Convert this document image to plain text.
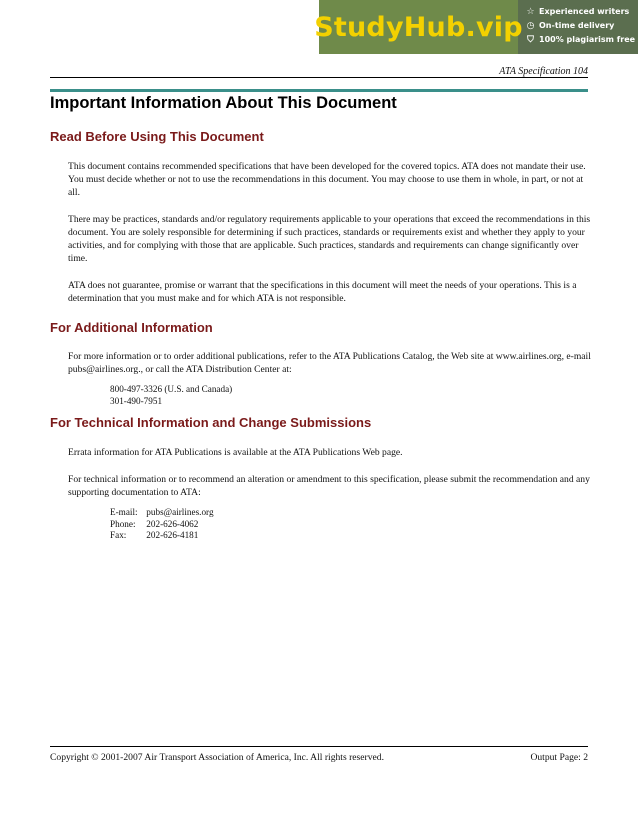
StudyHub.vip ☆ Experienced writers
◷ On-time delivery
⛉ 100% plagiarism free
ATA Specification 104
Important Information About This Document
Read Before Using This Document

This document contains recommended specifications that have been developed for the covered topics. ATA does not mandate their use. You must decide whether or not to use the recommendations in this document. You may choose to use them in whole, in part, or not at all.

There may be practices, standards and/or regulatory requirements applicable to your operations that exceed the recommendations in this document. You are solely responsible for determining if such practices, standards or requirements exist and whether they apply to your activities, and for complying with those that are applicable. Such practices, standards and requirements can change significantly over time.

ATA does not guarantee, promise or warrant that the specifications in this document will meet the needs of your operations. This is a determination that you must make and for which ATA is not responsible.

For Additional Information

For more information or to order additional publications, refer to the ATA Publications Catalog, the Web site at www.airlines.org, e-mail pubs@airlines.org., or call the ATA Distribution Center at:

800-497-3326 (U.S. and Canada)
301-490-7951
For Technical Information and Change Submissions

Errata information for ATA Publications is available at the ATA Publications Web page.

For technical information or to recommend an alteration or amendment to this specification, please submit the recommendation and any supporting documentation to ATA:

E-mail: pubs@airlines.org
Phone: 202-626-4062
Fax: 202-626-4181
Copyright © 2001-2007 Air Transport Association of America, Inc. All rights reserved.	Output Page: 2
